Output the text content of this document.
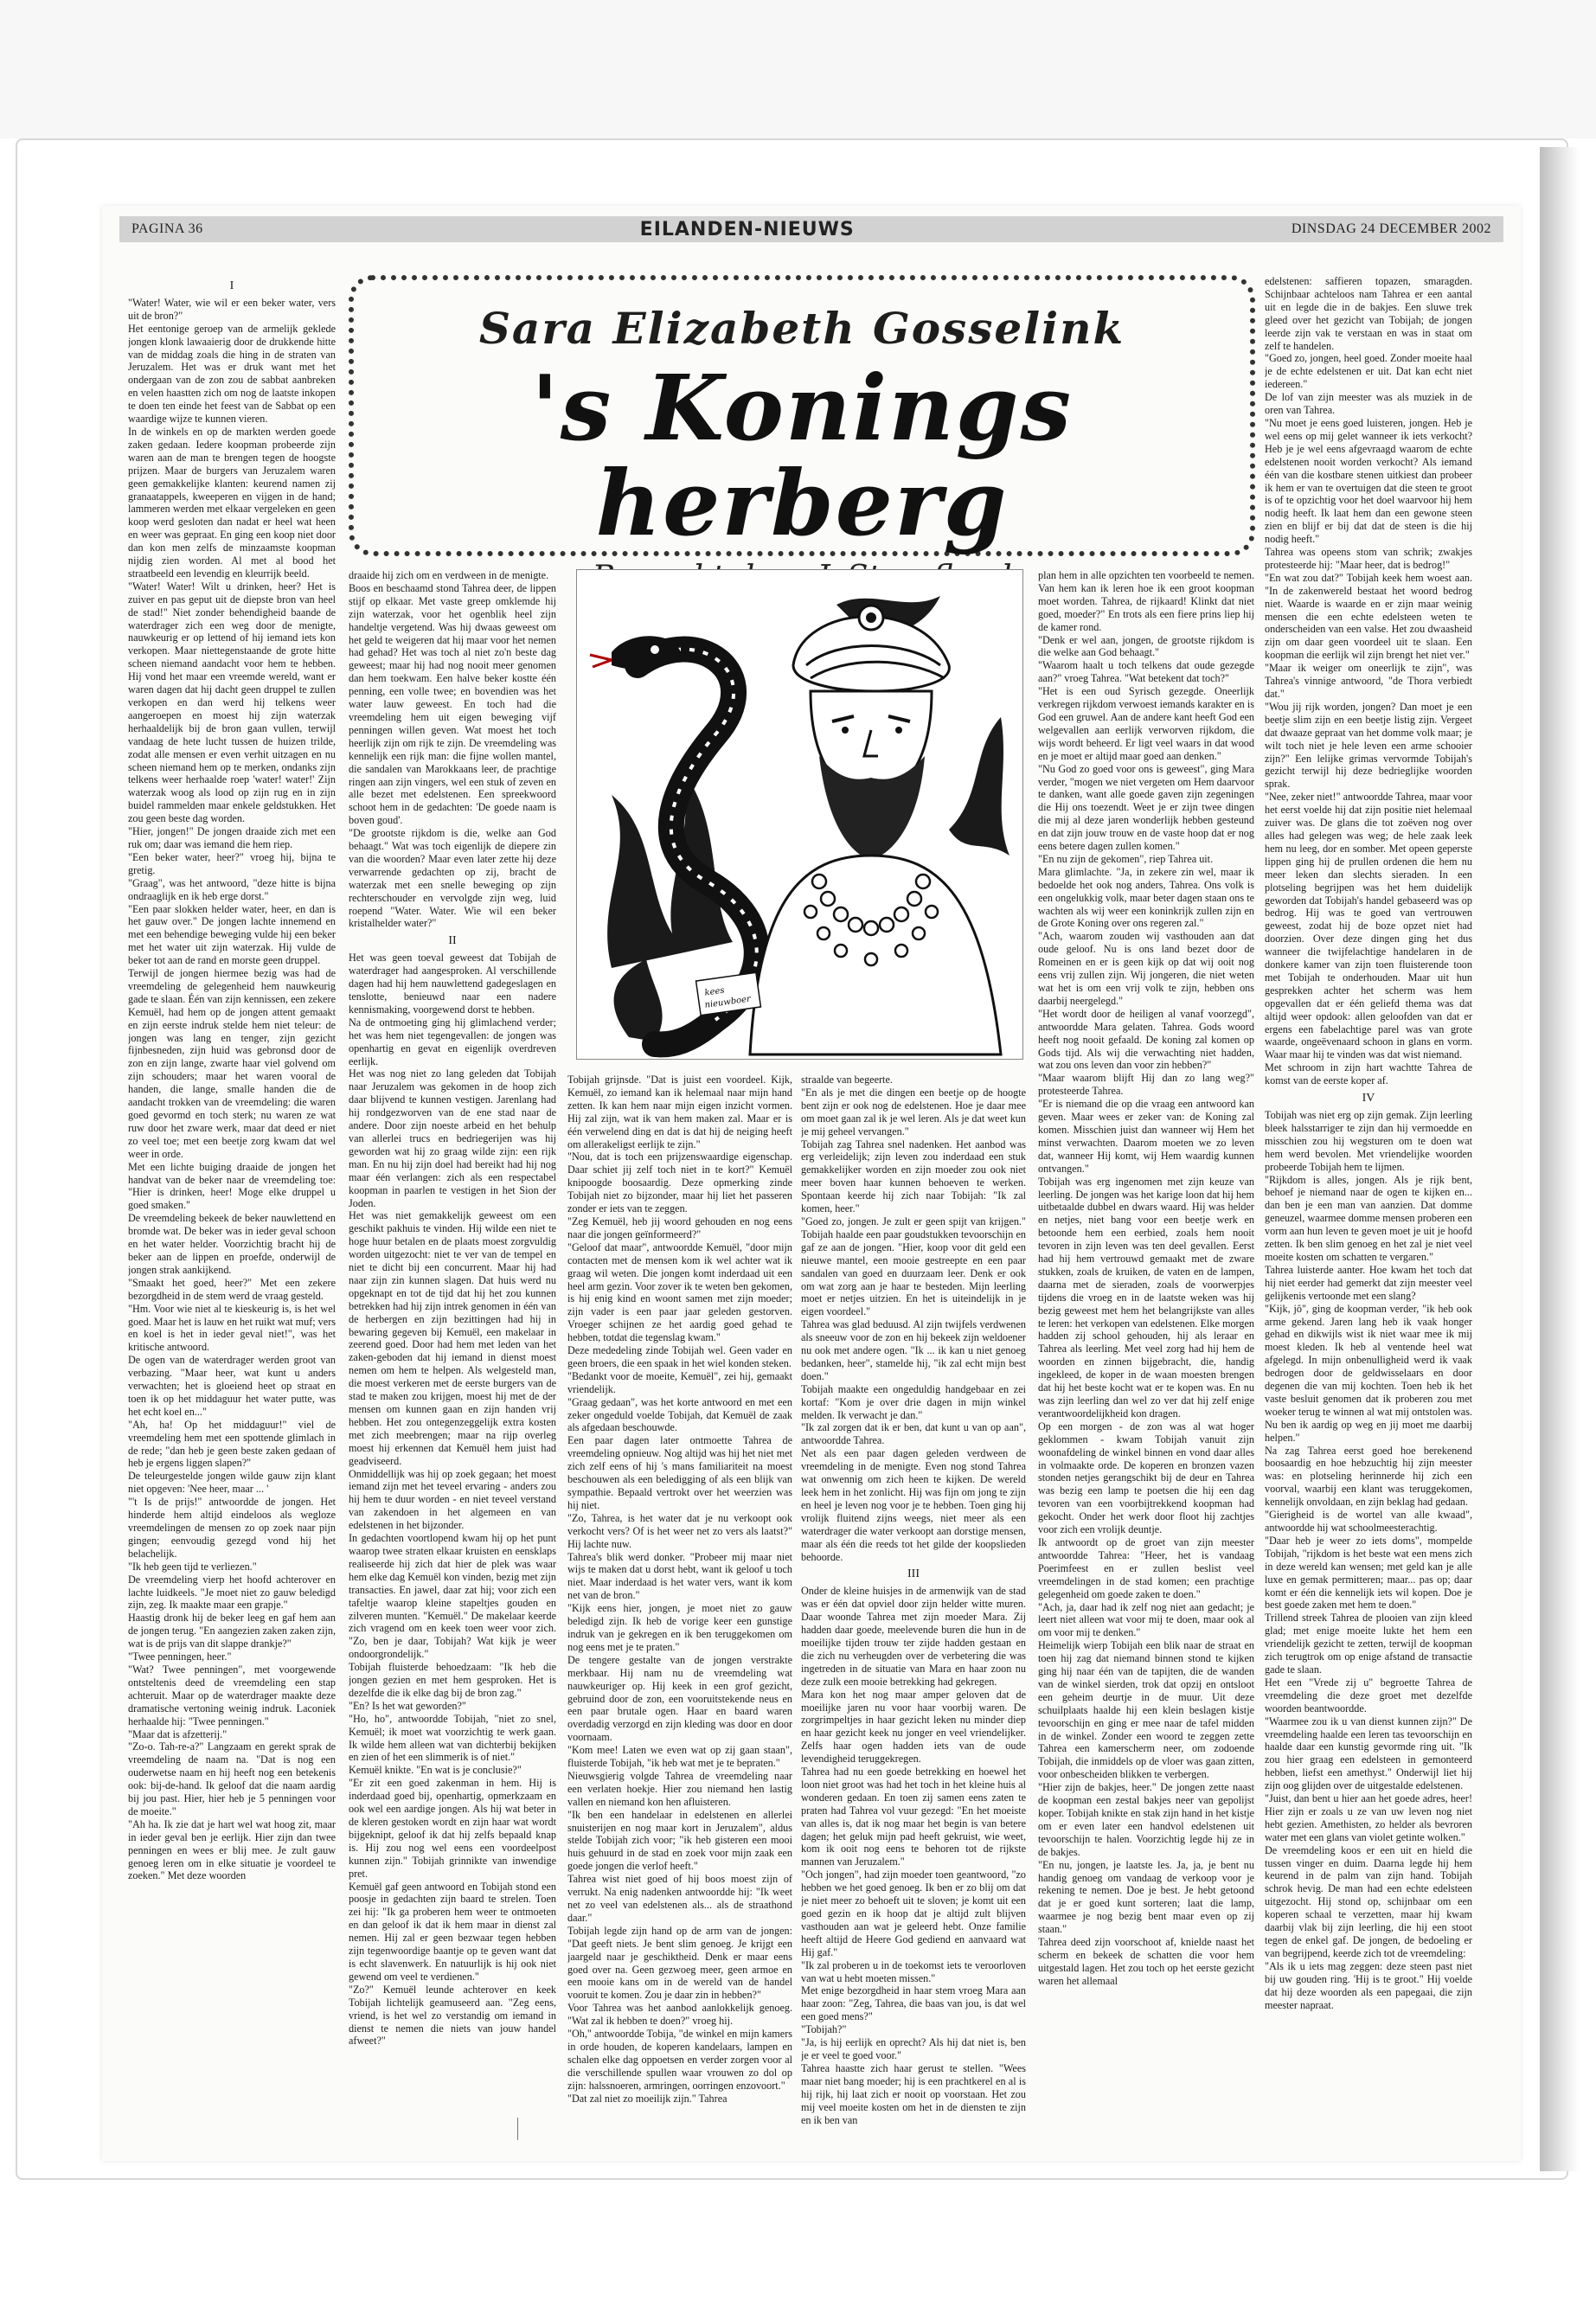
PAGINA 36	EILANDEN-NIEUWS	DINSDAG 24 DECEMBER 2002

I

"Water! Water, wie wil er een beker water, vers uit de bron?"

Het eentonige geroep van de armelijk geklede jongen klonk lawaaierig door de drukkende hitte van de middag zoals die hing in de straten van Jeruzalem. Het was er druk want met het ondergaan van de zon zou de sabbat aanbreken en velen haastten zich om nog de laatste inkopen te doen ten einde het feest van de Sabbat op een waardige wijze te kunnen vieren.

In de winkels en op de markten werden goede zaken gedaan. Iedere koopman probeerde zijn waren aan de man te brengen tegen de hoogste prijzen. Maar de burgers van Jeruzalem waren geen gemakkelijke klanten: keurend namen zij granaatappels, kweeperen en vijgen in de hand; lammeren werden met elkaar vergeleken en geen koop werd gesloten dan nadat er heel wat heen en weer was gepraat. En ging een koop niet door dan kon men zelfs de minzaamste koopman nijdig zien worden. Al met al bood het straatbeeld een levendig en kleurrijk beeld.

"Water! Water! Wilt u drinken, heer? Het is zuiver en pas geput uit de diepste bron van heel de stad!" Niet zonder behendigheid baande de waterdrager zich een weg door de menigte, nauwkeurig er op lettend of hij iemand iets kon verkopen. Maar niettegenstaande de grote hitte scheen niemand aandacht voor hem te hebben. Hij vond het maar een vreemde wereld, want er waren dagen dat hij dacht geen druppel te zullen verkopen en dan werd hij telkens weer aangeroepen en moest hij zijn waterzak herhaaldelijk bij de bron gaan vullen, terwijl vandaag de hete lucht tussen de huizen trilde, zodat alle mensen er even verhit uitzagen en nu scheen niemand hem op te merken, ondanks zijn telkens weer herhaalde roep 'water! water!' Zijn waterzak woog als lood op zijn rug en in zijn buidel rammelden maar enkele geldstukken. Het zou geen beste dag worden.

"Hier, jongen!" De jongen draaide zich met een ruk om; daar was iemand die hem riep.

"Een beker water, heer?" vroeg hij, bijna te gretig.

"Graag", was het antwoord, "deze hitte is bijna ondraaglijk en ik heb erge dorst."

"Een paar slokken helder water, heer, en dan is het gauw over." De jongen lachte innemend en met een behendige beweging vulde hij een beker met het water uit zijn waterzak. Hij vulde de beker tot aan de rand en morste geen druppel.

Terwijl de jongen hiermee bezig was had de vreemdeling de gelegenheid hem nauwkeurig gade te slaan. Één van zijn kennissen, een zekere Kemuël, had hem op de jongen attent gemaakt en zijn eerste indruk stelde hem niet teleur: de jongen was lang en tenger, zijn gezicht fijnbesneden, zijn huid was gebronsd door de zon en zijn lange, zwarte haar viel golvend om zijn schouders; maar het waren vooral de handen, die lange, smalle handen die de aandacht trokken van de vreemdeling: die waren goed gevormd en toch sterk; nu waren ze wat ruw door het zware werk, maar dat deed er niet zo veel toe; met een beetje zorg kwam dat wel weer in orde.

Met een lichte buiging draaide de jongen het handvat van de beker naar de vreemdeling toe: "Hier is drinken, heer! Moge elke druppel u goed smaken."

De vreemdeling bekeek de beker nauwlettend en bromde wat. De beker was in ieder geval schoon en het water helder. Voorzichtig bracht hij de beker aan de lippen en proefde, onderwijl de jongen strak aankijkend.

"Smaakt het goed, heer?" Met een zekere bezorgdheid in de stem werd de vraag gesteld.

"Hm. Voor wie niet al te kieskeurig is, is het wel goed. Maar het is lauw en het ruikt wat muf; vers en koel is het in ieder geval niet!", was het kritische antwoord.

De ogen van de waterdrager werden groot van verbazing. "Maar heer, wat kunt u anders verwachten; het is gloeiend heet op straat en toen ik op het middaguur het water putte, was het echt koel en..."

"Ah, ha! Op het middaguur!" viel de vreemdeling hem met een spottende glimlach in de rede; "dan heb je geen beste zaken gedaan of heb je ergens liggen slapen?"

De teleurgestelde jongen wilde gauw zijn klant niet opgeven: 'Nee heer, maar ... '

"'t Is de prijs!" antwoordde de jongen. Het hinderde hem altijd eindeloos als wegloze vreemdelingen de mensen zo op zoek naar pijn gingen; eenvoudig gezegd vond hij het belachelijk.

"Ik heb geen tijd te verliezen."

De vreemdeling vierp het hoofd achterover en lachte luidkeels. "Je moet niet zo gauw beledigd zijn, zeg. Ik maakte maar een grapje."

Haastig dronk hij de beker leeg en gaf hem aan de jongen terug. "En aangezien zaken zaken zijn, wat is de prijs van dit slappe drankje?"

"Twee penningen, heer."

"Wat? Twee penningen", met voorgewende ontsteltenis deed de vreemdeling een stap achteruit. Maar op de waterdrager maakte deze dramatische vertoning weinig indruk. Laconiek herhaalde hij: "Twee penningen."

"Maar dat is afzetterij."

"Zo-o. Tah-re-a?" Langzaam en gerekt sprak de vreemdeling de naam na. "Dat is nog een ouderwetse naam en hij heeft nog een betekenis ook: bij-de-hand. Ik geloof dat die naam aardig bij jou past. Hier, hier heb je 5 penningen voor de moeite."

"Ah ha. Ik zie dat je hart wel wat hoog zit, maar in ieder geval ben je eerlijk. Hier zijn dan twee penningen en wees er blij mee. Je zult gauw genoeg leren om in elke situatie je voordeel te zoeken." Met deze woorden

Sara Elizabeth Gosselink
's Konings herberg

draaide hij zich om en verdween in de menigte.

Boos en beschaamd stond Tahrea deer, de lippen stijf op elkaar. Met vaste greep omklemde hij zijn waterzak, voor het ogenblik heel zijn handeltje vergetend. Was hij dwaas geweest om het geld te weigeren dat hij maar voor het nemen had gehad? Het was toch al niet zo'n beste dag geweest; maar hij had nog nooit meer genomen dan hem toekwam. Een halve beker kostte één penning, een volle twee; en bovendien was het water lauw geweest. En toch had die vreemdeling hem uit eigen beweging vijf penningen willen geven. Wat moest het toch heerlijk zijn om rijk te zijn. De vreemdeling was kennelijk een rijk man: die fijne wollen mantel, die sandalen van Marokkaans leer, de prachtige ringen aan zijn vingers, wel een stuk of zeven en alle bezet met edelstenen. Een spreekwoord schoot hem in de gedachten: 'De goede naam is boven goud'.

"De grootste rijkdom is die, welke aan God behaagt." Wat was toch eigenlijk de diepere zin van die woorden? Maar even later zette hij deze verwarrende gedachten op zij, bracht de waterzak met een snelle beweging op zijn rechterschouder en vervolgde zijn weg, luid roepend "Water. Water. Wie wil een beker kristalhelder water?"

II

Het was geen toeval geweest dat Tobijah de waterdrager had aangesproken. Al verschillende dagen had hij hem nauwlettend gadegeslagen en tenslotte, benieuwd naar een nadere kennismaking, voorgewend dorst te hebben.

Na de ontmoeting ging hij glimlachend verder; het was hem niet tegengevallen: de jongen was openhartig en gevat en eigenlijk overdreven eerlijk.

Het was nog niet zo lang geleden dat Tobijah naar Jeruzalem was gekomen in de hoop zich daar blijvend te kunnen vestigen. Jarenlang had hij rondgezworven van de ene stad naar de andere. Door zijn noeste arbeid en het behulp van allerlei trucs en bedriegerijen was hij geworden wat hij zo graag wilde zijn: een rijk man. En nu hij zijn doel had bereikt had hij nog maar één verlangen: zich als een respectabel koopman in paarlen te vestigen in het Sion der Joden.

Het was niet gemakkelijk geweest om een geschikt pakhuis te vinden. Hij wilde een niet te hoge huur betalen en de plaats moest zorgvuldig worden uitgezocht: niet te ver van de tempel en niet te dicht bij een concurrent. Maar hij had naar zijn zin kunnen slagen. Dat huis werd nu opgeknapt en tot de tijd dat hij het zou kunnen betrekken had hij zijn intrek genomen in één van de herbergen en zijn bezittingen had hij in bewaring gegeven bij Kemuël, een makelaar in zeerend goed. Door had hem met leden van het zaken-geboden dat hij iemand in dienst moest nemen om hem te helpen. Als welgesteld man, die moest verkeren met de eerste burgers van de stad te maken zou krijgen, moest hij met de der mensen om kunnen gaan en zijn handen vrij hebben. Het zou ontegenzeggelijk extra kosten met zich meebrengen; maar na rijp overleg moest hij erkennen dat Kemuël hem juist had geadviseerd.

Onmiddellijk was hij op zoek gegaan; het moest iemand zijn met het teveel ervaring - anders zou hij hem te duur worden - en niet teveel verstand van zakendoen in het algemeen en van edelstenen in het bijzonder.

In gedachten voortlopend kwam hij op het punt waarop twee straten elkaar kruisten en eensklaps realiseerde hij zich dat hier de plek was waar hem elke dag Kemuël kon vinden, bezig met zijn transacties. En jawel, daar zat hij; voor zich een tafeltje waarop kleine stapeltjes gouden en zilveren munten. "Kemuël." De makelaar keerde zich vragend om en keek toen weer voor zich. "Zo, ben je daar, Tobijah? Wat kijk je weer ondoorgrondelijk."

Tobijah fluisterde behoedzaam: "Ik heb die jongen gezien en met hem gesproken. Het is dezelfde die ik elke dag bij de bron zag."

"En? Is het wat geworden?"

"Ho, ho", antwoordde Tobijah, "niet zo snel, Kemuël; ik moet wat voorzichtig te werk gaan. Ik wilde hem alleen wat van dichterbij bekijken en zien of het een slimmerik is of niet."

Kemuël knikte. "En wat is je conclusie?"

"Er zit een goed zakenman in hem. Hij is inderdaad goed bij, openhartig, opmerkzaam en ook wel een aardige jongen. Als hij wat beter in de kleren gestoken wordt en zijn haar wat wordt bijgeknipt, geloof ik dat hij zelfs bepaald knap is. Hij zou nog wel eens een voordeelpost kunnen zijn." Tobijah grinnikte van inwendige pret.

Kemuël gaf geen antwoord en Tobijah stond een poosje in gedachten zijn baard te strelen. Toen zei hij: "Ik ga proberen hem weer te ontmoeten en dan geloof ik dat ik hem maar in dienst zal nemen. Hij zal er geen bezwaar tegen hebben zijn tegenwoordige baantje op te geven want dat is echt slavenwerk. En natuurlijk is hij ook niet gewend om veel te verdienen."

"Zo?" Kemuël leunde achterover en keek Tobijah lichtelijk geamuseerd aan. "Zeg eens, vriend, is het wel zo verstandig om iemand in dienst te nemen die niets van jouw handel afweet?"

kees
nieuwboer

Tobijah grijnsde. "Dat is juist een voordeel. Kijk, Kemuël, zo iemand kan ik helemaal naar mijn hand zetten. Ik kan hem naar mijn eigen inzicht vormen. Hij zal zijn, wat ik van hem maken zal. Maar er is één verwelend ding en dat is dat hij de neiging heeft om allerakeligst eerlijk te zijn."

"Nou, dat is toch een prijzenswaardige eigenschap. Daar schiet jij zelf toch niet in te kort?" Kemuël knipoogde boosaardig. Deze opmerking zinde Tobijah niet zo bijzonder, maar hij liet het passeren zonder er iets van te zeggen.

"Zeg Kemuël, heb jij woord gehouden en nog eens naar die jongen geïnformeerd?"

"Geloof dat maar", antwoordde Kemuël, "door mijn contacten met de mensen kom ik wel achter wat ik graag wil weten. Die jongen komt inderdaad uit een heel arm gezin. Voor zover ik te weten ben gekomen, is hij enig kind en woont samen met zijn moeder; zijn vader is een paar jaar geleden gestorven. Vroeger schijnen ze het aardig goed gehad te hebben, totdat die tegenslag kwam."

Deze mededeling zinde Tobijah wel. Geen vader en geen broers, die een spaak in het wiel konden steken.

"Bedankt voor de moeite, Kemuël", zei hij, gemaakt vriendelijk.

"Graag gedaan", was het korte antwoord en met een zeker ongeduld voelde Tobijah, dat Kemuël de zaak als afgedaan beschouwde.

Een paar dagen later ontmoette Tahrea de vreemdeling opnieuw. Nog altijd was hij het niet met zich zelf eens of hij 's mans familiariteit na moest beschouwen als een beledigging of als een blijk van sympathie. Bepaald vertrokt over het weerzien was hij niet.

"Zo, Tahrea, is het water dat je nu verkoopt ook verkocht vers? Of is het weer net zo vers als laatst?" Hij lachte nuw.

Tahrea's blik werd donker. "Probeer mij maar niet wijs te maken dat u dorst hebt, want ik geloof u toch niet. Maar inderdaad is het water vers, want ik kom net van de bron."

"Kijk eens hier, jongen, je moet niet zo gauw beledigd zijn. Ik heb de vorige keer een gunstige indruk van je gekregen en ik ben teruggekomen om nog eens met je te praten."

De tengere gestalte van de jongen verstrakte merkbaar. Hij nam nu de vreemdeling wat nauwkeuriger op. Hij keek in een grof gezicht, gebruind door de zon, een vooruitstekende neus en een paar brutale ogen. Haar en baard waren overdadig verzorgd en zijn kleding was door en door voornaam.

"Kom mee! Laten we even wat op zij gaan staan", fluisterde Tobijah, "ik heb wat met je te bepraten."

Nieuwsgierig volgde Tahrea de vreemdeling naar een verlaten hoekje. Hier zou niemand hen lastig vallen en niemand kon hen afluisteren.

"Ik ben een handelaar in edelstenen en allerlei snuisterijen en nog maar kort in Jeruzalem", aldus stelde Tobijah zich voor; "ik heb gisteren een mooi huis gehuurd in de stad en zoek voor mijn zaak een goede jongen die verlof heeft."

Tahrea wist niet goed of hij boos moest zijn of verrukt. Na enig nadenken antwoordde hij: "Ik weet net zo veel van edelstenen als... als de straathond daar."

Tobijah legde zijn hand op de arm van de jongen: "Dat geeft niets. Je bent slim genoeg. Je krijgt een jaargeld naar je geschiktheid. Denk er maar eens goed over na. Geen gezwoeg meer, geen armoe en een mooie kans om in de wereld van de handel vooruit te komen. Zou je daar zin in hebben?"

Voor Tahrea was het aanbod aanlokkelijk genoeg. "Wat zal ik hebben te doen?" vroeg hij.

"Oh," antwoordde Tobija, "de winkel en mijn kamers in orde houden, de koperen kandelaars, lampen en schalen elke dag oppoetsen en verder zorgen voor al die verschillende spullen waar vrouwen zo dol op zijn: halssnoeren, armringen, oorringen enzovoort."

"Dat zal niet zo moeilijk zijn." Tahrea

straalde van begeerte.

"En als je met die dingen een beetje op de hoogte bent zijn er ook nog de edelstenen. Hoe je daar mee om moet gaan zal ik je wel leren. Als je dat weet kun je mij geheel vervangen."

Tobijah zag Tahrea snel nadenken. Het aanbod was erg verleidelijk; zijn leven zou inderdaad een stuk gemakkelijker worden en zijn moeder zou ook niet meer boven haar kunnen behoeven te werken. Spontaan keerde hij zich naar Tobijah: "Ik zal komen, heer."

"Goed zo, jongen. Je zult er geen spijt van krijgen." Tobijah haalde een paar goudstukken tevoorschijn en gaf ze aan de jongen. "Hier, koop voor dit geld een nieuwe mantel, een mooie gestreepte en een paar sandalen van goed en duurzaam leer. Denk er ook om wat zorg aan je haar te besteden. Mijn leerling moet er netjes uitzien. En het is uiteindelijk in je eigen voordeel."

Tahrea was glad beduusd. Al zijn twijfels verdwenen als sneeuw voor de zon en hij bekeek zijn weldoener nu ook met andere ogen. "Ik ... ik kan u niet genoeg bedanken, heer", stamelde hij, "ik zal echt mijn best doen."

Tobijah maakte een ongeduldig handgebaar en zei kortaf: "Kom je over drie dagen in mijn winkel melden. Ik verwacht je dan."

"Ik zal zorgen dat ik er ben, dat kunt u van op aan", antwoordde Tahrea.

Net als een paar dagen geleden verdween de vreemdeling in de menigte. Even nog stond Tahrea wat onwennig om zich heen te kijken. De wereld leek hem in het zonlicht. Hij was fijn om jong te zijn en heel je leven nog voor je te hebben. Toen ging hij vrolijk fluitend zijns weegs, niet meer als een waterdrager die water verkoopt aan dorstige mensen, maar als één die reeds tot het gilde der koopslieden behoorde.

III

Onder de kleine huisjes in de armenwijk van de stad was er één dat opviel door zijn helder witte muren. Daar woonde Tahrea met zijn moeder Mara. Zij hadden daar goede, meelevende buren die hun in de moeilijke tijden trouw ter zijde hadden gestaan en die zich nu verheugden over de verbetering die was ingetreden in de situatie van Mara en haar zoon nu deze zulk een mooie betrekking had gekregen.

Mara kon het nog maar amper geloven dat de moeilijke jaren nu voor haar voorbij waren. De zorgrimpeltjes in haar gezicht leken nu minder diep en haar gezicht keek nu jonger en veel vriendelijker. Zelfs haar ogen hadden iets van de oude levendigheid teruggekregen.

Tahrea had nu een goede betrekking en hoewel het loon niet groot was had het toch in het kleine huis al wonderen gedaan. En toen zij samen eens zaten te praten had Tahrea vol vuur gezegd: "En het moeiste van alles is, dat ik nog maar het begin is van betere dagen; het geluk mijn pad heeft gekruist, wie weet, kom ik ooit nog eens te behoren tot de rijkste mannen van Jeruzalem."

"Och jongen", had zijn moeder toen geantwoord, "zo hebben we het goed genoeg. Ik ben er zo blij om dat je niet meer zo behoeft uit te sloven; je komt uit een goed gezin en ik hoop dat je altijd zult blijven vasthouden aan wat je geleerd hebt. Onze familie heeft altijd de Heere God gediend en aanvaard wat Hij gaf."

"Ik zal proberen u in de toekomst iets te veroorloven van wat u hebt moeten missen."

Met enige bezorgdheid in haar stem vroeg Mara aan haar zoon: "Zeg, Tahrea, die baas van jou, is dat wel een goed mens?"

"Tobijah?"

"Ja, is hij eerlijk en oprecht? Als hij dat niet is, ben je er veel te goed voor."

Tahrea haastte zich haar gerust te stellen. "Wees maar niet bang moeder; hij is een prachtkerel en al is hij rijk, hij laat zich er nooit op voorstaan. Het zou mij veel moeite kosten om het in de diensten te zijn en ik ben van

plan hem in alle opzichten ten voorbeeld te nemen. Van hem kan ik leren hoe ik een groot koopman moet worden. Tahrea, de rijkaard! Klinkt dat niet goed, moeder?" En trots als een fiere prins liep hij de kamer rond.

"Denk er wel aan, jongen, de grootste rijkdom is die welke aan God behaagt."

"Waarom haalt u toch telkens dat oude gezegde aan?" vroeg Tahrea. "Wat betekent dat toch?"

"Het is een oud Syrisch gezegde. Oneerlijk verkregen rijkdom verwoest iemands karakter en is God een gruwel. Aan de andere kant heeft God een welgevallen aan eerlijk verworven rijkdom, die wijs wordt beheerd. Er ligt veel waars in dat wood en je moet er altijd maar goed aan denken."

"Nu God zo goed voor ons is geweest", ging Mara verder, "mogen we niet vergeten om Hem daarvoor te danken, want alle goede gaven zijn zegeningen die Hij ons toezendt. Weet je er zijn twee dingen die mij al deze jaren wonderlijk hebben gesteund en dat zijn jouw trouw en de vaste hoop dat er nog eens betere dagen zullen komen."

"En nu zijn de gekomen", riep Tahrea uit.

Mara glimlachte. "Ja, in zekere zin wel, maar ik bedoelde het ook nog anders, Tahrea. Ons volk is een ongelukkig volk, maar beter dagen staan ons te wachten als wij weer een koninkrijk zullen zijn en de Grote Koning over ons regeren zal."

"Ach, waarom zouden wij vasthouden aan dat oude geloof. Nu is ons land bezet door de Romeinen en er is geen kijk op dat wij ooit nog eens vrij zullen zijn. Wij jongeren, die niet weten wat het is om een vrij volk te zijn, hebben ons daarbij neergelegd."

"Het wordt door de heiligen al vanaf voorzegd", antwoordde Mara gelaten. Tahrea. Gods woord heeft nog nooit gefaald. De koning zal komen op Gods tijd. Als wij die verwachting niet hadden, wat zou ons leven dan voor zin hebben?"

"Maar waarom blijft Hij dan zo lang weg?" protesteerde Tahrea.

"Er is niemand die op die vraag een antwoord kan geven. Maar wees er zeker van: de Koning zal komen. Misschien juist dan wanneer wij Hem het minst verwachten. Daarom moeten we zo leven dat, wanneer Hij komt, wij Hem waardig kunnen ontvangen."

Tobijah was erg ingenomen met zijn keuze van leerling. De jongen was het karige loon dat hij hem uitbetaalde dubbel en dwars waard. Hij was helder en netjes, niet bang voor een beetje werk en betoonde hem een eerbied, zoals hem nooit tevoren in zijn leven was ten deel gevallen. Eerst had hij hem vertrouwd gemaakt met de zware stukken, zoals de kruiken, de vaten en de lampen, daarna met de sieraden, zoals de voorwerpjes tijdens die vroeg en in de laatste weken was hij bezig geweest met hem het belangrijkste van alles te leren: het verkopen van edelstenen. Elke morgen hadden zij school gehouden, hij als leraar en Tahrea als leerling. Met veel zorg had hij hem de woorden en zinnen bijgebracht, die, handig ingekleed, de koper in de waan moesten brengen dat hij het beste kocht wat er te kopen was. En nu was zijn leerling dan wel zo ver dat hij zelf enige verantwoordelijkheid kon dragen.

Op een morgen - de zon was al wat hoger geklommen - kwam Tobijah vanuit zijn woonafdeling de winkel binnen en vond daar alles in volmaakte orde. De koperen en bronzen vazen stonden netjes gerangschikt bij de deur en Tahrea was bezig een lamp te poetsen die hij een dag tevoren van een voorbijtrekkend koopman had gekocht. Onder het werk door floot hij zachtjes voor zich een vrolijk deuntje.

Ik antwoordt op de groet van zijn meester antwoordde Tahrea: "Heer, het is vandaag Poerimfeest en er zullen beslist veel vreemdelingen in de stad komen; een prachtige gelegenheid om goede zaken te doen."

"Ach, ja, daar had ik zelf nog niet aan gedacht; je leert niet alleen wat voor mij te doen, maar ook al om voor mij te denken."

Heimelijk wierp Tobijah een blik naar de straat en toen hij zag dat niemand binnen stond te kijken ging hij naar één van de tapijten, die de wanden van de winkel sierden, trok dat opzij en ontsloot een geheim deurtje in de muur. Uit deze schuilplaats haalde hij een klein beslagen kistje tevoorschijn en ging er mee naar de tafel midden in de winkel. Zonder een woord te zeggen zette Tahrea een kamerscherm neer, om zodoende Tobijah, die inmiddels op de vloer was gaan zitten, voor onbescheiden blikken te verbergen.

"Hier zijn de bakjes, heer." De jongen zette naast de koopman een zestal bakjes neer van gepolijst koper. Tobijah knikte en stak zijn hand in het kistje om er even later een handvol edelstenen uit tevoorschijn te halen. Voorzichtig legde hij ze in de bakjes.

"En nu, jongen, je laatste les. Ja, ja, je bent nu handig genoeg om vandaag de verkoop voor je rekening te nemen. Doe je best. Je hebt getoond dat je er goed kunt sorteren; laat die lamp, waarmee je nog bezig bent maar even op zij staan."

Tahrea deed zijn voorschoot af, knielde naast het scherm en bekeek de schatten die voor hem uitgestald lagen. Het zou toch op het eerste gezicht waren het allemaal

edelstenen: saffieren topazen, smaragden. Schijnbaar achteloos nam Tahrea er een aantal uit en legde die in de bakjes. Een sluwe trek gleed over het gezicht van Tobijah; de jongen leerde zijn vak te verstaan en was in staat om zelf te handelen.

"Goed zo, jongen, heel goed. Zonder moeite haal je de echte edelstenen er uit. Dat kan echt niet iedereen."

De lof van zijn meester was als muziek in de oren van Tahrea.

"Nu moet je eens goed luisteren, jongen. Heb je wel eens op mij gelet wanneer ik iets verkocht? Heb je je wel eens afgevraagd waarom de echte edelstenen nooit worden verkocht? Als iemand één van die kostbare stenen uitkiest dan probeer ik hem er van te overtuigen dat die steen te groot is of te opzichtig voor het doel waarvoor hij hem nodig heeft. Ik laat hem dan een gewone steen zien en blijf er bij dat dat de steen is die hij nodig heeft."

Tahrea was opeens stom van schrik; zwakjes protesteerde hij: "Maar heer, dat is bedrog!"

"En wat zou dat?" Tobijah keek hem woest aan. "In de zakenwereld bestaat het woord bedrog niet. Waarde is waarde en er zijn maar weinig mensen die een echte edelsteen weten te onderscheiden van een valse. Het zou dwaasheid zijn om daar geen voordeel uit te slaan. Een koopman die eerlijk wil zijn brengt het niet ver."

"Maar ik weiger om oneerlijk te zijn", was Tahrea's vinnige antwoord, "de Thora verbiedt dat."

"Wou jij rijk worden, jongen? Dan moet je een beetje slim zijn en een beetje listig zijn. Vergeet dat dwaaze gepraat van het domme volk maar; je wilt toch niet je hele leven een arme schooier zijn?" Een lelijke grimas vervormde Tobijah's gezicht terwijl hij deze bedrieglijke woorden sprak.

"Nee, zeker niet!" antwoordde Tahrea, maar voor het eerst voelde hij dat zijn positie niet helemaal zuiver was. De glans die tot zoëven nog over alles had gelegen was weg; de hele zaak leek hem nu leeg, dor en somber. Met opeen geperste lippen ging hij de prullen ordenen die hem nu meer leken dan slechts sieraden. In een plotseling begrijpen was het hem duidelijk geworden dat Tobijah's handel gebaseerd was op bedrog. Hij was te goed van vertrouwen geweest, zodat hij de boze opzet niet had doorzien. Over deze dingen ging het dus wanneer die twijfelachtige handelaren in de donkere kamer van zijn toen fluisterende toon met Tobijah te onderhouden. Maar uit hun gesprekken achter het scherm was hem opgevallen dat er één geliefd thema was dat altijd weer opdook: allen geloofden van dat er ergens een fabelachtige parel was van grote waarde, ongeëvenaard schoon in glans en vorm. Waar maar hij te vinden was dat wist niemand.

Met schroom in zijn hart wachtte Tahrea de komst van de eerste koper af.

IV

Tobijah was niet erg op zijn gemak. Zijn leerling bleek halsstarriger te zijn dan hij vermoedde en misschien zou hij wegsturen om te doen wat hem werd bevolen. Met vriendelijke woorden probeerde Tobijah hem te lijmen.

"Rijkdom is alles, jongen. Als je rijk bent, behoef je niemand naar de ogen te kijken en... dan ben je een man van aanzien. Dat domme geneuzel, waarmee domme mensen proberen een vorm aan hun leven te geven moet je uit je hoofd zetten. Ik ben slim genoeg en het zal je niet veel moeite kosten om schatten te vergaren."

Tahrea luisterde aanter. Hoe kwam het toch dat hij niet eerder had gemerkt dat zijn meester veel gelijkenis vertoonde met een slang?

"Kijk, jô", ging de koopman verder, "ik heb ook arme gekend. Jaren lang heb ik vaak honger gehad en dikwijls wist ik niet waar mee ik mij moest kleden. Ik heb al ventende heel wat afgelegd. In mijn onbenulligheid werd ik vaak bedrogen door de geldwisselaars en door degenen die van mij kochten. Toen heb ik het vaste besluit genomen dat ik proberen zou met woeker terug te winnen al wat mij ontstolen was. Nu ben ik aardig op weg en jij moet me daarbij helpen."

Na zag Tahrea eerst goed hoe berekenend boosaardig en hoe hebzuchtig hij zijn meester was: en plotseling herinnerde hij zich een voorval, waarbij een klant was teruggekomen, kennelijk onvoldaan, en zijn beklag had gedaan.

"Gierigheid is de wortel van alle kwaad", antwoordde hij wat schoolmeesterachtig.

"Daar heb je weer zo iets doms", mompelde Tobijah, "rijkdom is het beste wat een mens zich in deze wereld kan wensen; met geld kan je alle luxe en gemak permitteren; maar... pas op; daar komt er één die kennelijk iets wil kopen. Doe je best goede zaken met hem te doen."

Trillend streek Tahrea de plooien van zijn kleed glad; met enige moeite lukte het hem een vriendelijk gezicht te zetten, terwijl de koopman zich terugtrok om op enige afstand de transactie gade te slaan.

Het een "Vrede zij u" begroette Tahrea de vreemdeling die deze groet met dezelfde woorden beantwoordde.

"Waarmee zou ik u van dienst kunnen zijn?" De vreemdeling haalde een leren tas tevoorschijn en haalde daar een kunstig gevormde ring uit. "Ik zou hier graag een edelsteen in gemonteerd hebben, liefst een amethyst." Onderwijl liet hij zijn oog glijden over de uitgestalde edelstenen.

"Juist, dan bent u hier aan het goede adres, heer! Hier zijn er zoals u ze van uw leven nog niet hebt gezien. Amethisten, zo helder als bevroren water met een glans van violet getinte wolken."

De vreemdeling koos er een uit en hield die tussen vinger en duim. Daarna legde hij hem keurend in de palm van zijn hand. Tobijah schrok hevig. De man had een echte edelsteen uitgezocht. Hij stond op, schijnbaar om een koperen schaal te verzetten, maar hij kwam daarbij vlak bij zijn leerling, die hij een stoot tegen de enkel gaf. De jongen, de bedoeling er van begrijpend, keerde zich tot de vreemdeling:

"Als ik u iets mag zeggen: deze steen past niet bij uw gouden ring. 'Hij is te groot." Hij voelde dat hij deze woorden als een papegaai, die zijn meester napraat.
